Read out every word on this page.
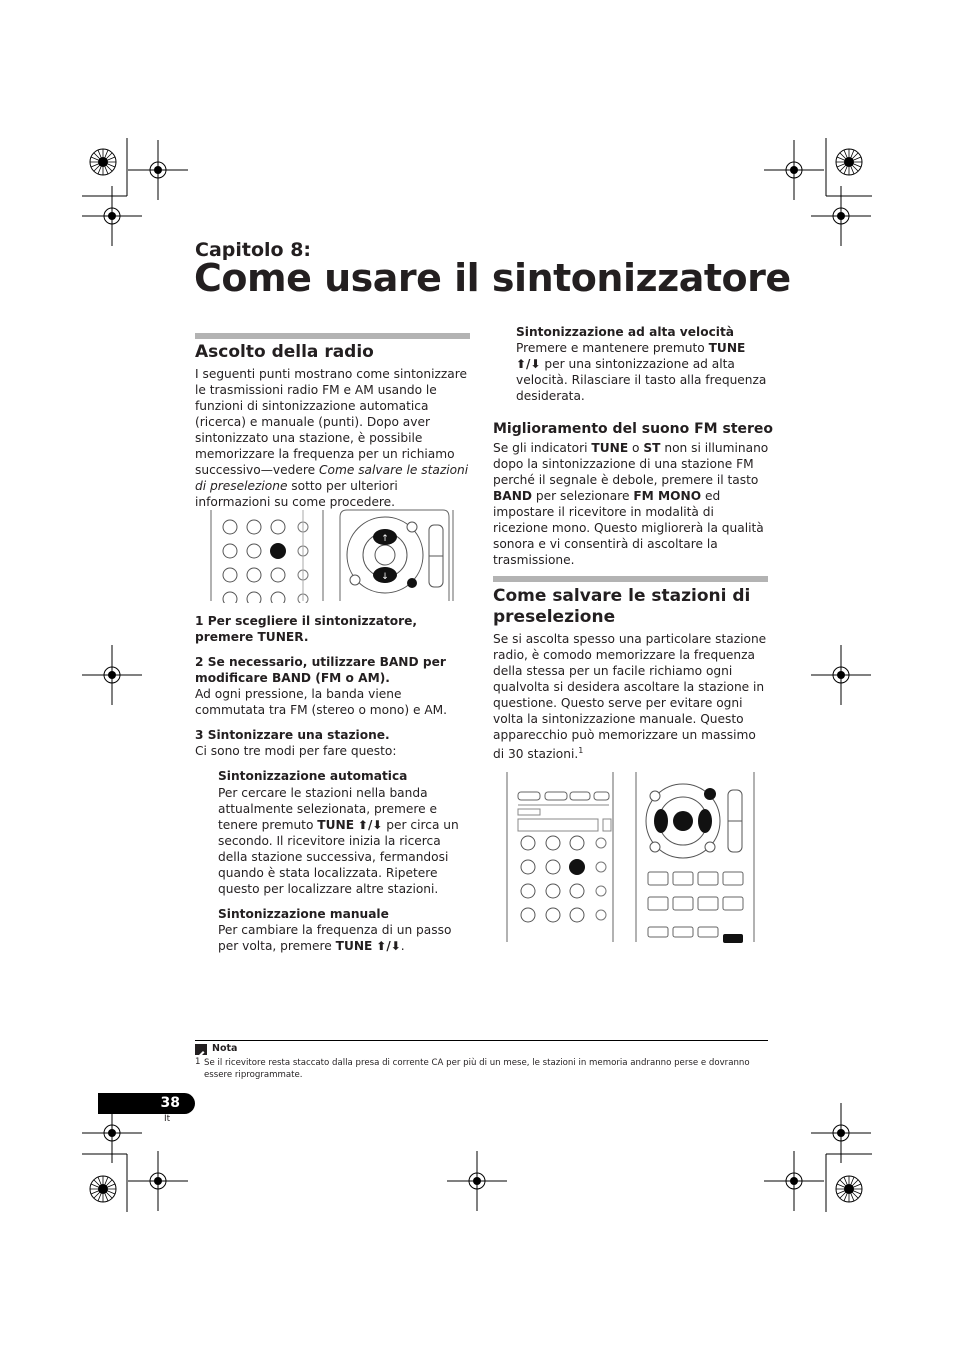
Capitolo 8:
Come usare il sintonizzatore
Ascolto della radio

I seguenti punti mostrano come sintonizzare le trasmissioni radio FM e AM usando le funzioni di sintonizzazione automatica (ricerca) e manuale (punti). Dopo aver sintonizzato una stazione, è possibile memorizzare la frequenza per un richiamo successivo—vedere Come salvare le stazioni di preselezione sotto per ulteriori informazioni su come procedere.

↑
↓
1 Per scegliere il sintonizzatore, premere TUNER.
2 Se necessario, utilizzare BAND per modificare BAND (FM o AM).

Ad ogni pressione, la banda viene commutata tra FM (stereo o mono) e AM.

3 Sintonizzare una stazione.

Ci sono tre modi per fare questo:

Sintonizzazione automatica

Per cercare le stazioni nella banda attualmente selezionata, premere e tenere premuto TUNE ⬆/⬇ per circa un secondo. Il ricevitore inizia la ricerca della stazione successiva, fermandosi quando è stata localizzata. Ripetere questo per localizzare altre stazioni.

Sintonizzazione manuale

Per cambiare la frequenza di un passo per volta, premere TUNE ⬆/⬇.

Sintonizzazione ad alta velocità

Premere e mantenere premuto TUNE ⬆/⬇ per una sintonizzazione ad alta velocità. Rilasciare il tasto alla frequenza desiderata.

Miglioramento del suono FM stereo

Se gli indicatori TUNE o ST non si illuminano dopo la sintonizzazione di una stazione FM perché il segnale è debole, premere il tasto BAND per selezionare FM MONO ed impostare il ricevitore in modalità di ricezione mono. Questo migliorerà la qualità sonora e vi consentirà di ascoltare la trasmissione.

Come salvare le stazioni di preselezione

Se si ascolta spesso una particolare stazione radio, è comodo memorizzare la frequenza della stessa per un facile richiamo ogni qualvolta si desidera ascoltare la stazione in questione. Questo serve per evitare ogni volta la sintonizzazione manuale. Questo apparecchio può memorizzare un massimo di 30 stazioni.$^1$

Nota
1 Se il ricevitore resta staccato dalla presa di corrente CA per più di un mese, le stazioni in memoria andranno perse e dovranno essere riprogrammate.
38
It
